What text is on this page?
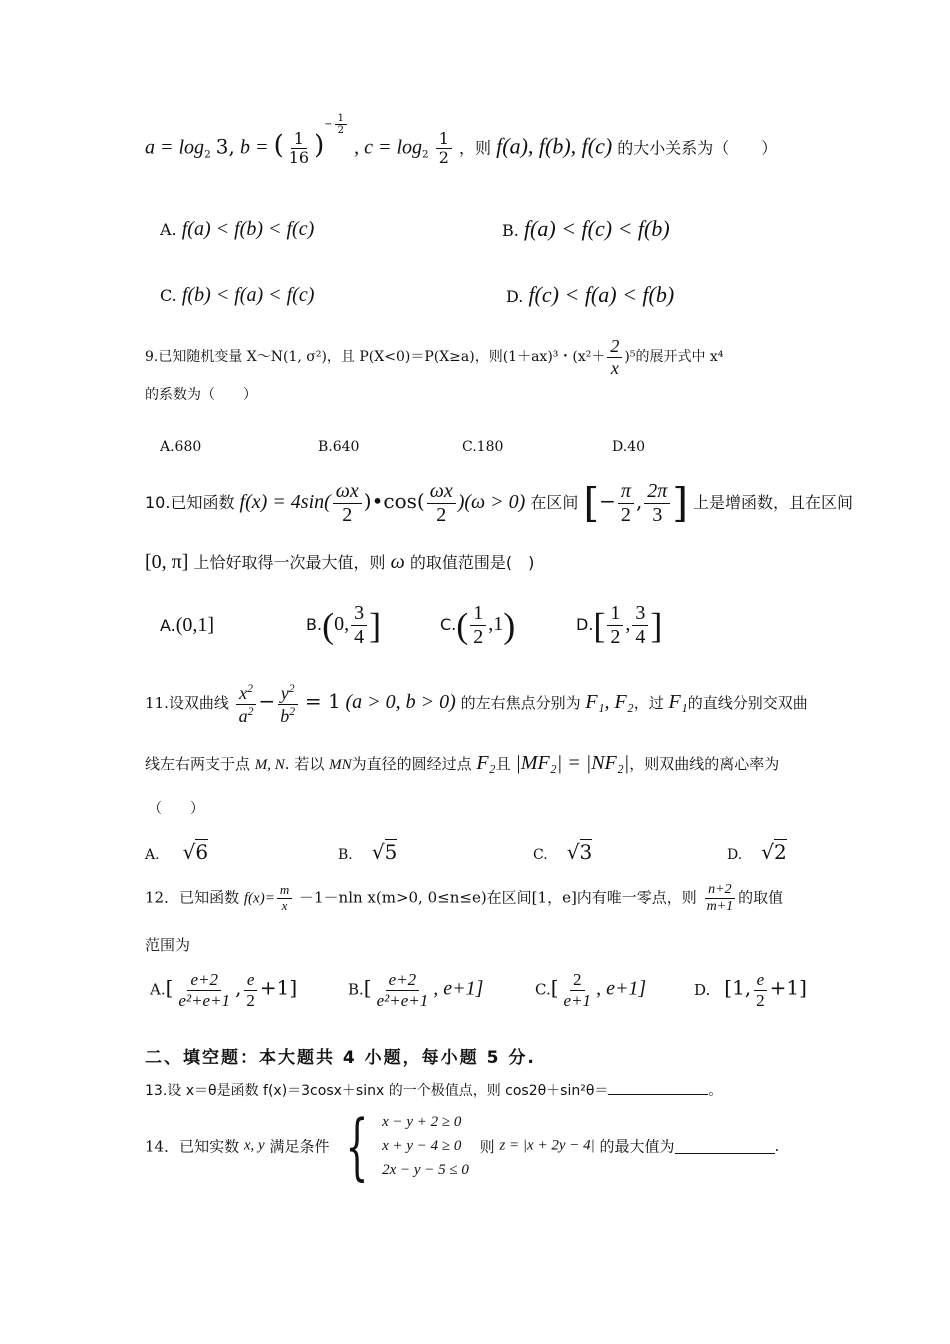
$a = \log_2 3$, b = ( $\frac{1}{16} )^{- \frac{1}{2}}$
, $c = \log_2 \frac{1}{2}$ ，则 f(a), f(b), f(c) 的大小关系为（　　）
A. f(a) < f(b) < f(c)	B. f(a) < f(c) < f(b)
C. f(b) < f(a) < f(c)	D. f(c) < f(a) < f(b)
9.已知随机变量 X～N(1, σ²)，且 P(X<0)＝P(X≥a)，则(1＋ax)³・$(x^2+ \frac{2}{x} )^5$的展开式中 x⁴
的系数为（　　）
A.680	B.640	C.180	D.40
10.已知函数 $f(x) = 4\sin( \frac{\omega x}{2}$ )•cos( $\frac{\omega x}{2} )(\omega > 0)$ 在区间 [− $\frac{\pi}{2}$ , $\frac{2\pi}{3}$ ] 上是增函数，且在区间
[0, π] 上恰好取得一次最大值，则 ω 的取值范围是(　)
A.(0,1]	B.(0, $\frac{3}{4}$ ]	$C.( \frac{1}{2} ,1)$	$D.[ \frac{1}{2}$ , $\frac{3}{4}$ ]
11.设双曲线 $\frac{x^2}{a^2} - \frac{y^2}{b^2} = 1$ (a > 0, b > 0) 的左右焦点分别为 F₁, F₂，过 F₁的直线分别交双曲
线左右两支于点 M, N. 若以 MN为直径的圆经过点 F₂且 |MF₂| = |NF₂|，则双曲线的离心率为
（　　）
A. √6	B. √5	C. √3	D. √2
12．已知函数 $f(x)= \frac{m}{x} -1-nln$ x(m>0, 0≤n≤e)在区间[1，e]内有唯一零点，则 $\frac{n+2}{m+1}$ 的取值
范围为
$A.[ \frac{e+2}{\text{e²+e+1}}$ , $\frac{e}{2} +1$]	$B.[ \frac{e+2}{\text{e²+e+1}}$ , e+1]	$C.[ \frac{2}{e+1}$ , e+1]	D. [1, $\frac{e}{2} +1$]
二、填空题：本大题共 4 小题，每小题 5 分.
13.设 x＝θ是函数 f(x)＝3cosx＋sinx 的一个极值点，则 cos2θ＋sin²θ＝	。
14．已知实数 x, y 满足条件 { x − y + 2 ≥ 0
x + y − 4 ≥ 0
2x − y − 5 ≤ 0
则 z = |x + 2y − 4| 的最大值为	.
